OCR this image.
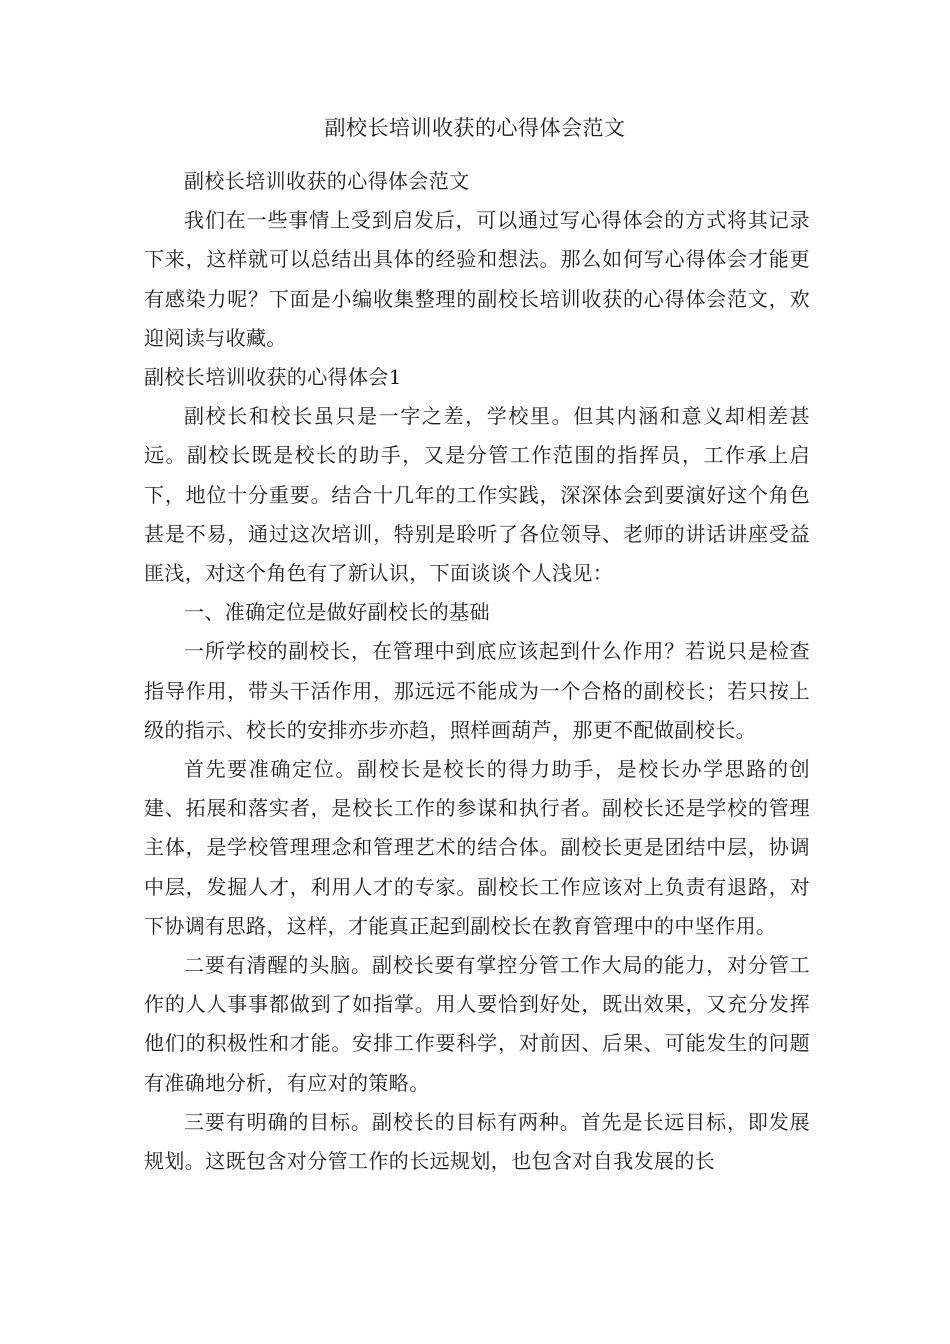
副校长培训收获的心得体会范文

副校长培训收获的心得体会范文

我们在一些事情上受到启发后，可以通过写心得体会的方式将其记录下来，这样就可以总结出具体的经验和想法。那么如何写心得体会才能更有感染力呢？下面是小编收集整理的副校长培训收获的心得体会范文，欢迎阅读与收藏。

副校长培训收获的心得体会1

副校长和校长虽只是一字之差，学校里。但其内涵和意义却相差甚远。副校长既是校长的助手，又是分管工作范围的指挥员，工作承上启下，地位十分重要。结合十几年的工作实践，深深体会到要演好这个角色甚是不易，通过这次培训，特别是聆听了各位领导、老师的讲话讲座受益匪浅，对这个角色有了新认识，下面谈谈个人浅见：

一、准确定位是做好副校长的基础

一所学校的副校长，在管理中到底应该起到什么作用？若说只是检查指导作用，带头干活作用，那远远不能成为一个合格的副校长；若只按上级的指示、校长的安排亦步亦趋，照样画葫芦，那更不配做副校长。

首先要准确定位。副校长是校长的得力助手，是校长办学思路的创建、拓展和落实者，是校长工作的参谋和执行者。副校长还是学校的管理主体，是学校管理理念和管理艺术的结合体。副校长更是团结中层，协调中层，发掘人才，利用人才的专家。副校长工作应该对上负责有退路，对下协调有思路，这样，才能真正起到副校长在教育管理中的中坚作用。

二要有清醒的头脑。副校长要有掌控分管工作大局的能力，对分管工作的人人事事都做到了如指掌。用人要恰到好处，既出效果，又充分发挥他们的积极性和才能。安排工作要科学，对前因、后果、可能发生的问题有准确地分析，有应对的策略。

三要有明确的目标。副校长的目标有两种。首先是长远目标，即发展规划。这既包含对分管工作的长远规划，也包含对自我发展的长
